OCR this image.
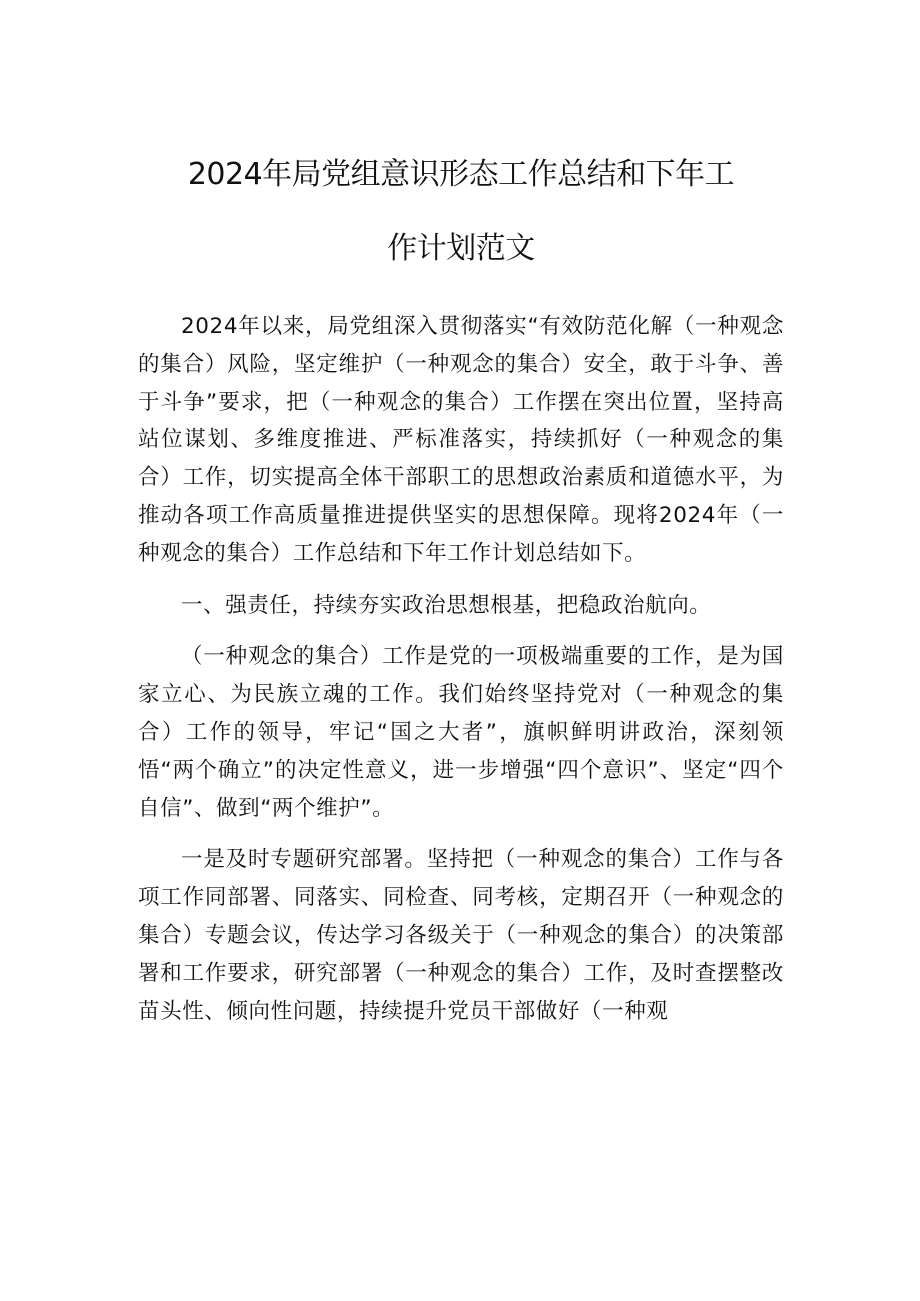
2024年局党组意识形态工作总结和下年工
作计划范文

2024年以来，局党组深入贯彻落实“有效防范化解（一种观念的集合）风险，坚定维护（一种观念的集合）安全，敢于斗争、善于斗争”要求，把（一种观念的集合）工作摆在突出位置，坚持高站位谋划、多维度推进、严标准落实，持续抓好（一种观念的集合）工作，切实提高全体干部职工的思想政治素质和道德水平，为推动各项工作高质量推进提供坚实的思想保障。现将2024年（一种观念的集合）工作总结和下年工作计划总结如下。

一、强责任，持续夯实政治思想根基，把稳政治航向。

（一种观念的集合）工作是党的一项极端重要的工作，是为国家立心、为民族立魂的工作。我们始终坚持党对（一种观念的集合）工作的领导，牢记“国之大者”，旗帜鲜明讲政治，深刻领悟“两个确立”的决定性意义，进一步增强“四个意识”、坚定“四个自信”、做到“两个维护”。

一是及时专题研究部署。坚持把（一种观念的集合）工作与各项工作同部署、同落实、同检查、同考核，定期召开（一种观念的集合）专题会议，传达学习各级关于（一种观念的集合）的决策部署和工作要求，研究部署（一种观念的集合）工作，及时查摆整改苗头性、倾向性问题，持续提升党员干部做好（一种观
